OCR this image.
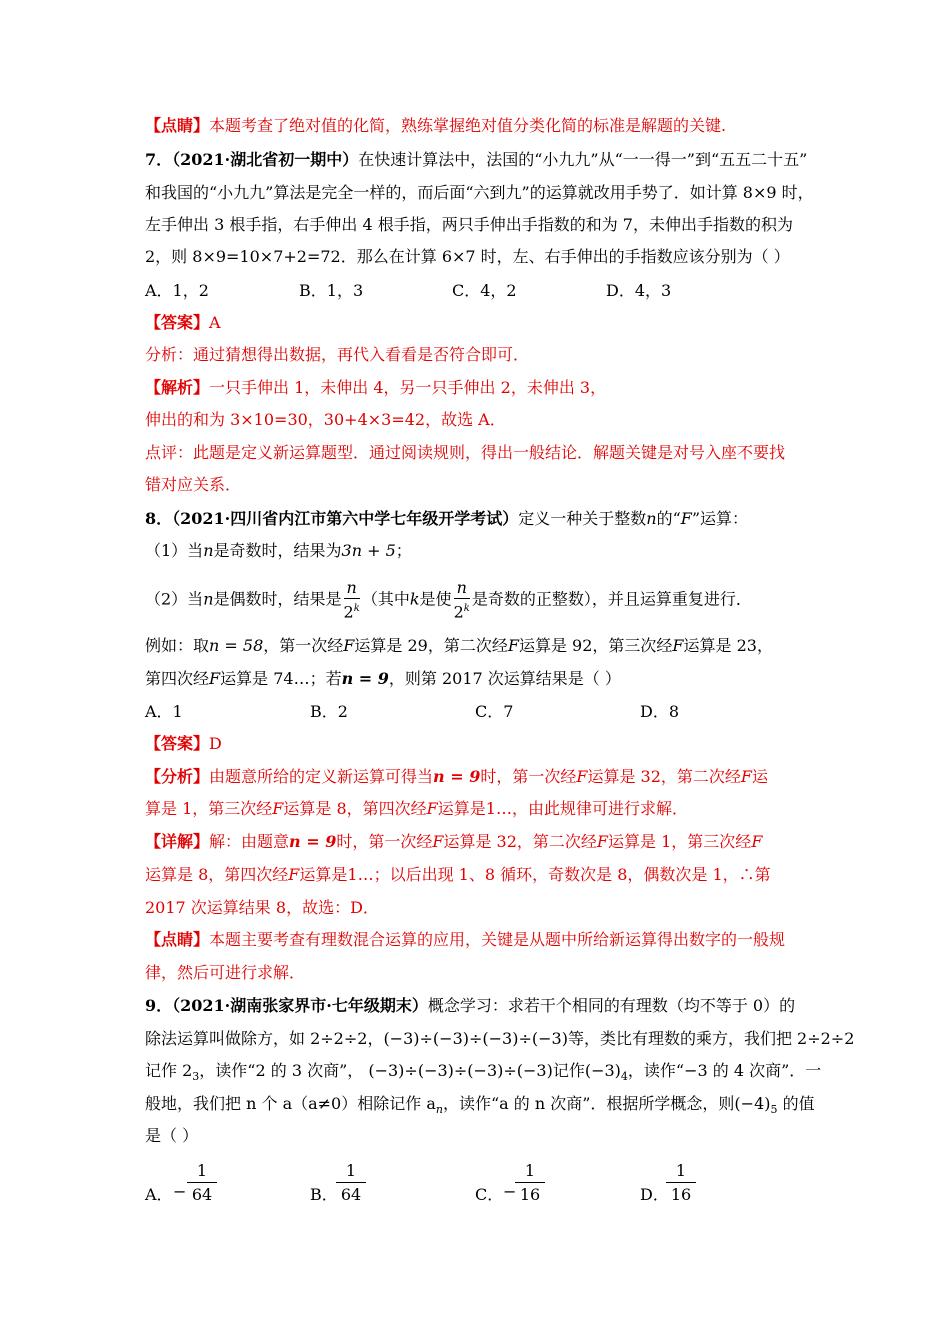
【点睛】本题考查了绝对值的化简，熟练掌握绝对值分类化简的标准是解题的关键.
7．（2021·湖北省初一期中）在快速计算法中，法国的“小九九”从“一一得一”到“五五二十五”
和我国的“小九九”算法是完全一样的，而后面“六到九”的运算就改用手势了．如计算 8×9 时，
左手伸出 3 根手指，右手伸出 4 根手指，两只手伸出手指数的和为 7，未伸出手指数的积为
2，则 8×9=10×7+2=72．那么在计算 6×7 时，左、右手伸出的手指数应该分别为（ ）
A．1，2	B．1，3	C．4，2	D．4，3
【答案】A
分析：通过猜想得出数据，再代入看看是否符合即可．
【解析】一只手伸出 1，未伸出 4，另一只手伸出 2，未伸出 3，
伸出的和为 3×10=30，30+4×3=42，故选 A．
点评：此题是定义新运算题型．通过阅读规则，得出一般结论．解题关键是对号入座不要找
错对应关系．
8．（2021·四川省内江市第六中学七年级开学考试）定义一种关于整数n的“F”运算：
（1）当n是奇数时，结果为3n + 5；
（2）当n是偶数时，结果是 $\frac{n}{2^k}$ （其中k是使 $\frac{n}{2^k}$ 是奇数的正整数），并且运算重复进行．
例如：取n = 58，第一次经F运算是 29，第二次经F运算是 92，第三次经F运算是 23，
第四次经F运算是 74…；若n = 9，则第 2017 次运算结果是（ ）
A．1	B．2	C．7	D．8
【答案】D
【分析】由题意所给的定义新运算可得当n = 9时，第一次经F运算是 32，第二次经F运
算是 1，第三次经F运算是 8，第四次经F运算是1…，由此规律可进行求解．
【详解】解：由题意n = 9时，第一次经F运算是 32，第二次经F运算是 1，第三次经F
运算是 8，第四次经F运算是1…；以后出现 1、8 循环，奇数次是 8，偶数次是 1，∴第
2017 次运算结果 8，故选：D．
【点睛】本题主要考查有理数混合运算的应用，关键是从题中所给新运算得出数字的一般规
律，然后可进行求解．
9．（2021·湖南张家界市·七年级期末）概念学习：求若干个相同的有理数（均不等于 0）的
除法运算叫做除方，如 2÷2÷2，(−3)÷(−3)÷(−3)÷(−3)等，类比有理数的乘方，我们把 2÷2÷2
记作 $2_3$，读作“2 的 3 次商”， (−3)÷(−3)÷(−3)÷(−3)记作$(-3)_4$，读作“−3 的 4 次商”．一
般地，我们把 n 个 a（a≠0）相除记作 $a_n$，读作“a 的 n 次商”．根据所学概念，则$(-4)_5$ 的值
是（ ）
A． − $\frac{1}{64}$	B．
$\frac{1}{64}$	C． −
$\frac{1}{16}$	D．
$\frac{1}{16}$
